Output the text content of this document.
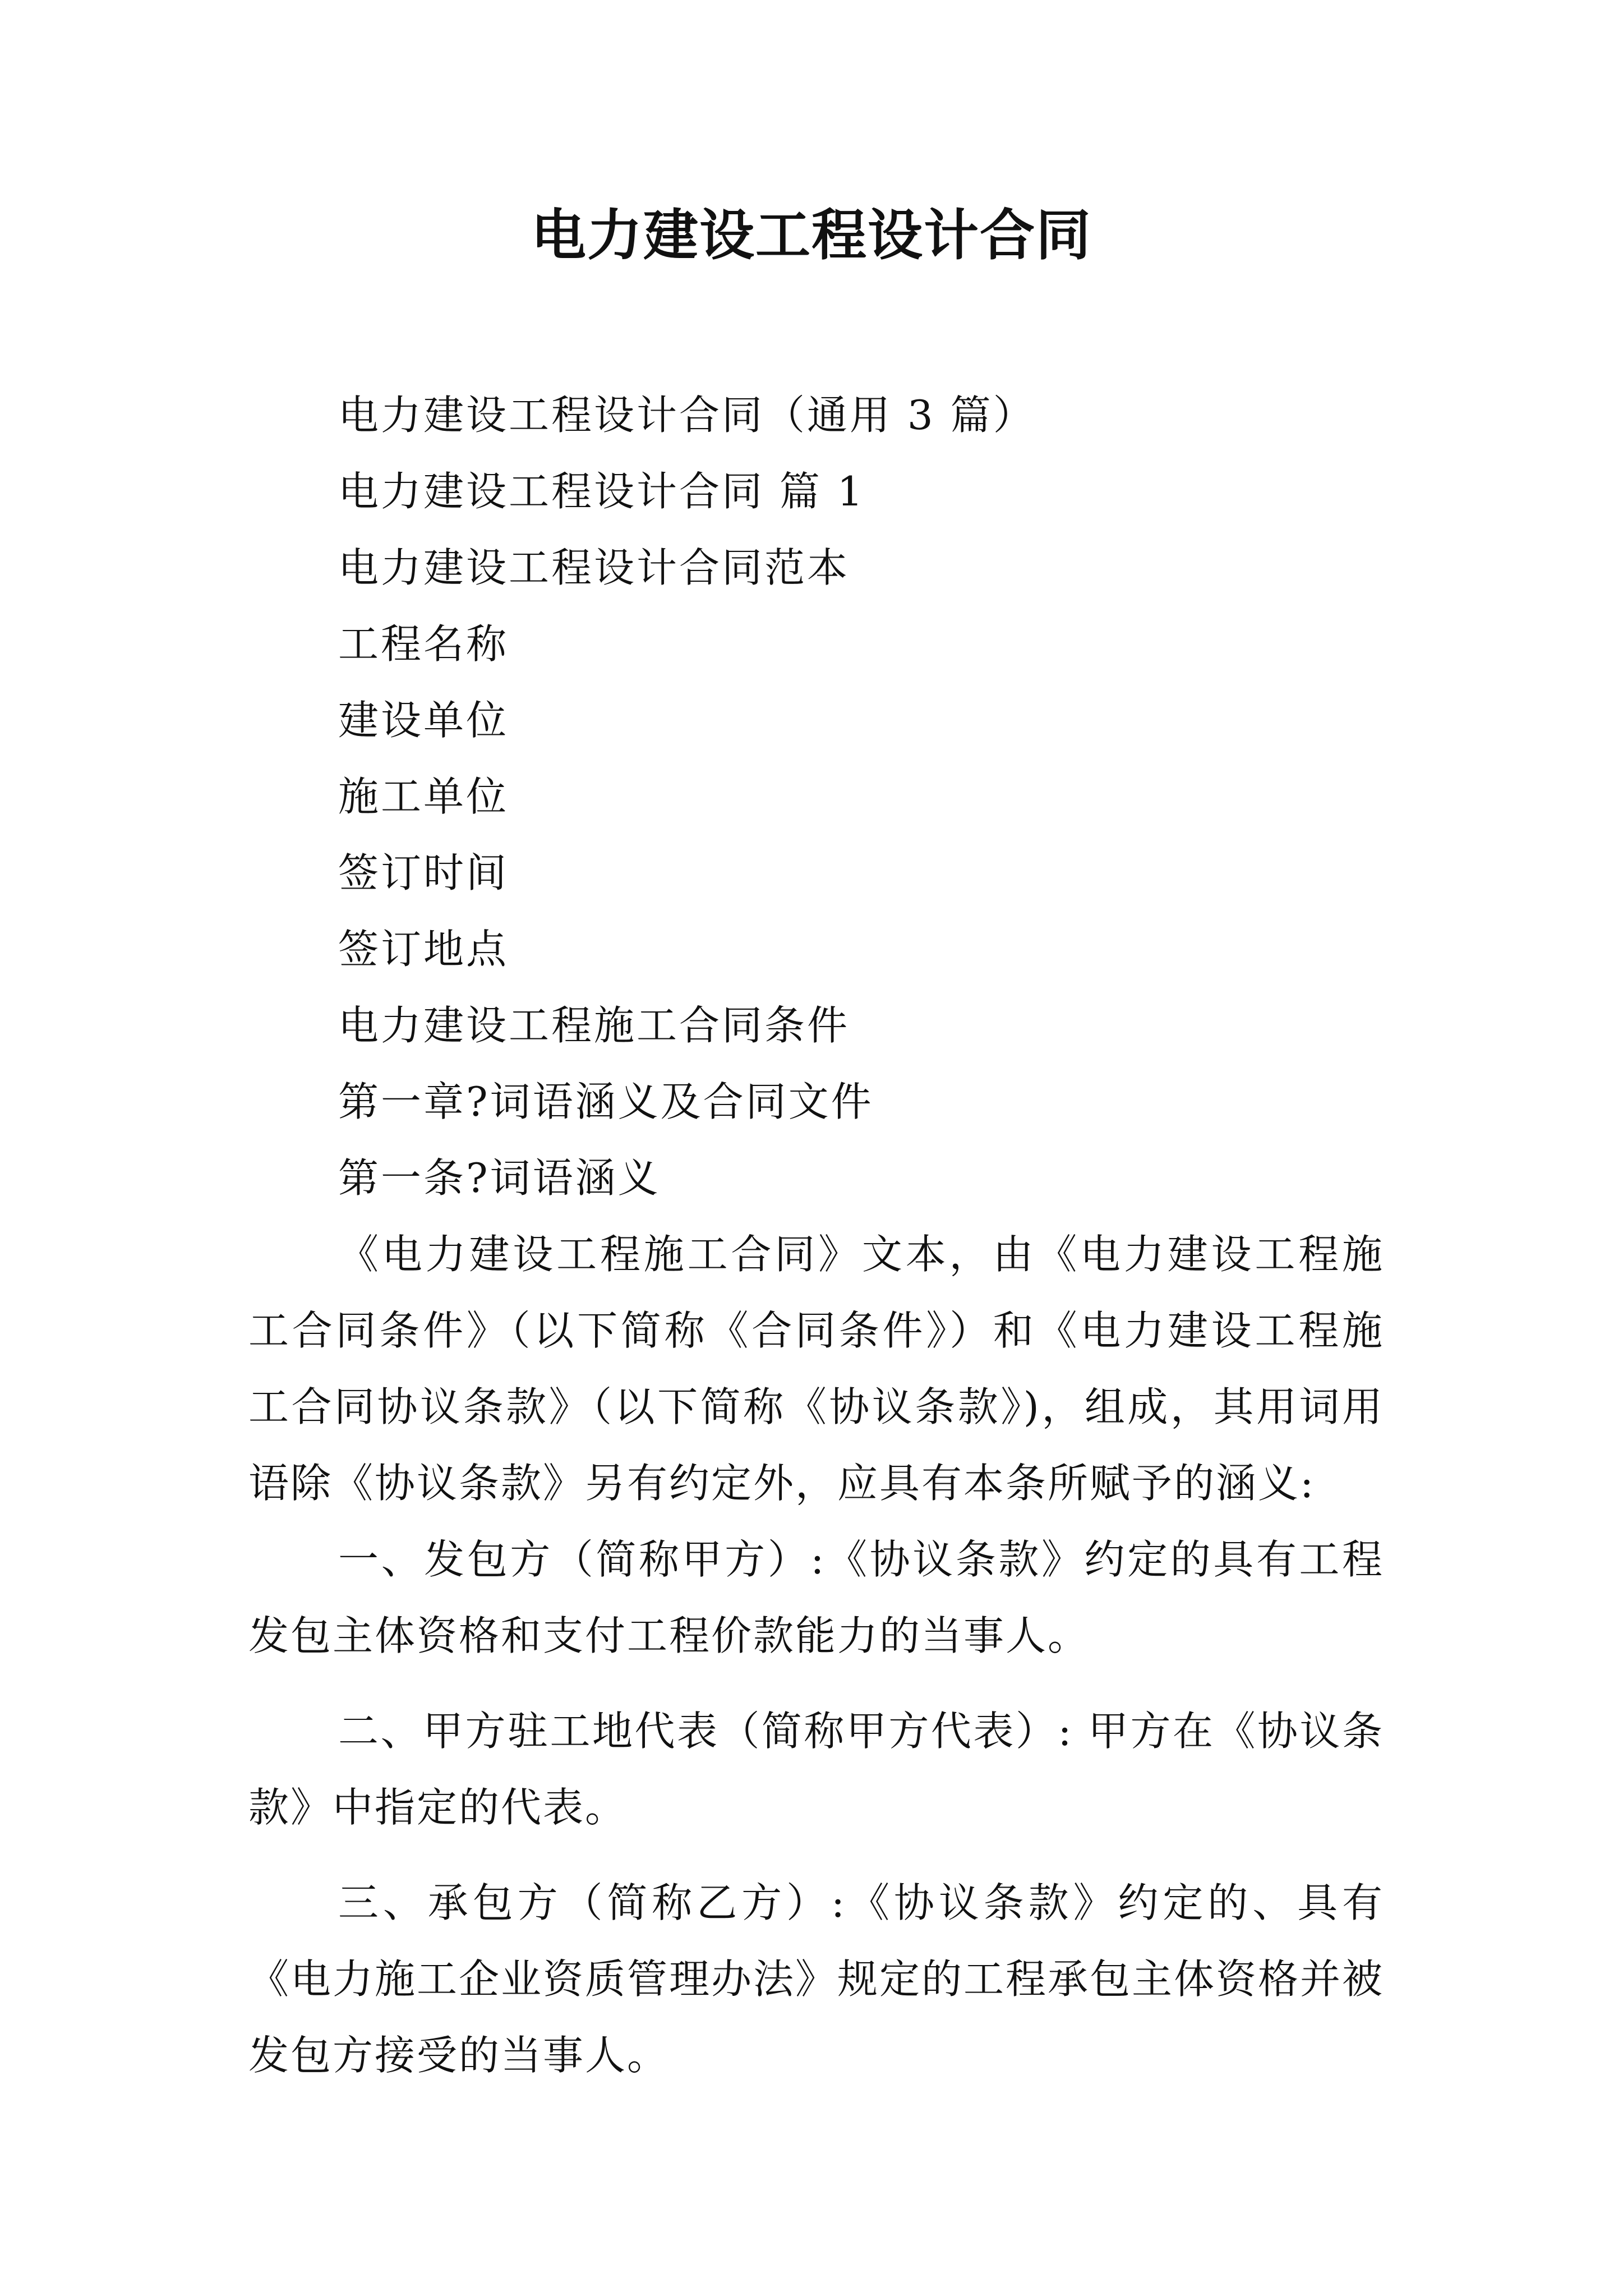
电力建设工程设计合同
电力建设工程设计合同（通用 3 篇）
电力建设工程设计合同 篇 1
电力建设工程设计合同范本
工程名称
建设单位
施工单位
签订时间
签订地点
电力建设工程施工合同条件
第一章?词语涵义及合同文件
第一条?词语涵义
《电力建设工程施工合同》文本，由《电力建设工程施工合同条件》（以下简称《合同条件》）和《电力建设工程施工合同协议条款》（以下简称《协议条款》)，组成，其用词用语除《协议条款》另有约定外，应具有本条所赋予的涵义:
一、发包方（简称甲方）:《协议条款》约定的具有工程发包主体资格和支付工程价款能力的当事人。
二、甲方驻工地代表（简称甲方代表）: 甲方在《协议条款》中指定的代表。
三、承包方（简称乙方）:《协议条款》约定的、具有《电力施工企业资质管理办法》规定的工程承包主体资格并被发包方接受的当事人。
